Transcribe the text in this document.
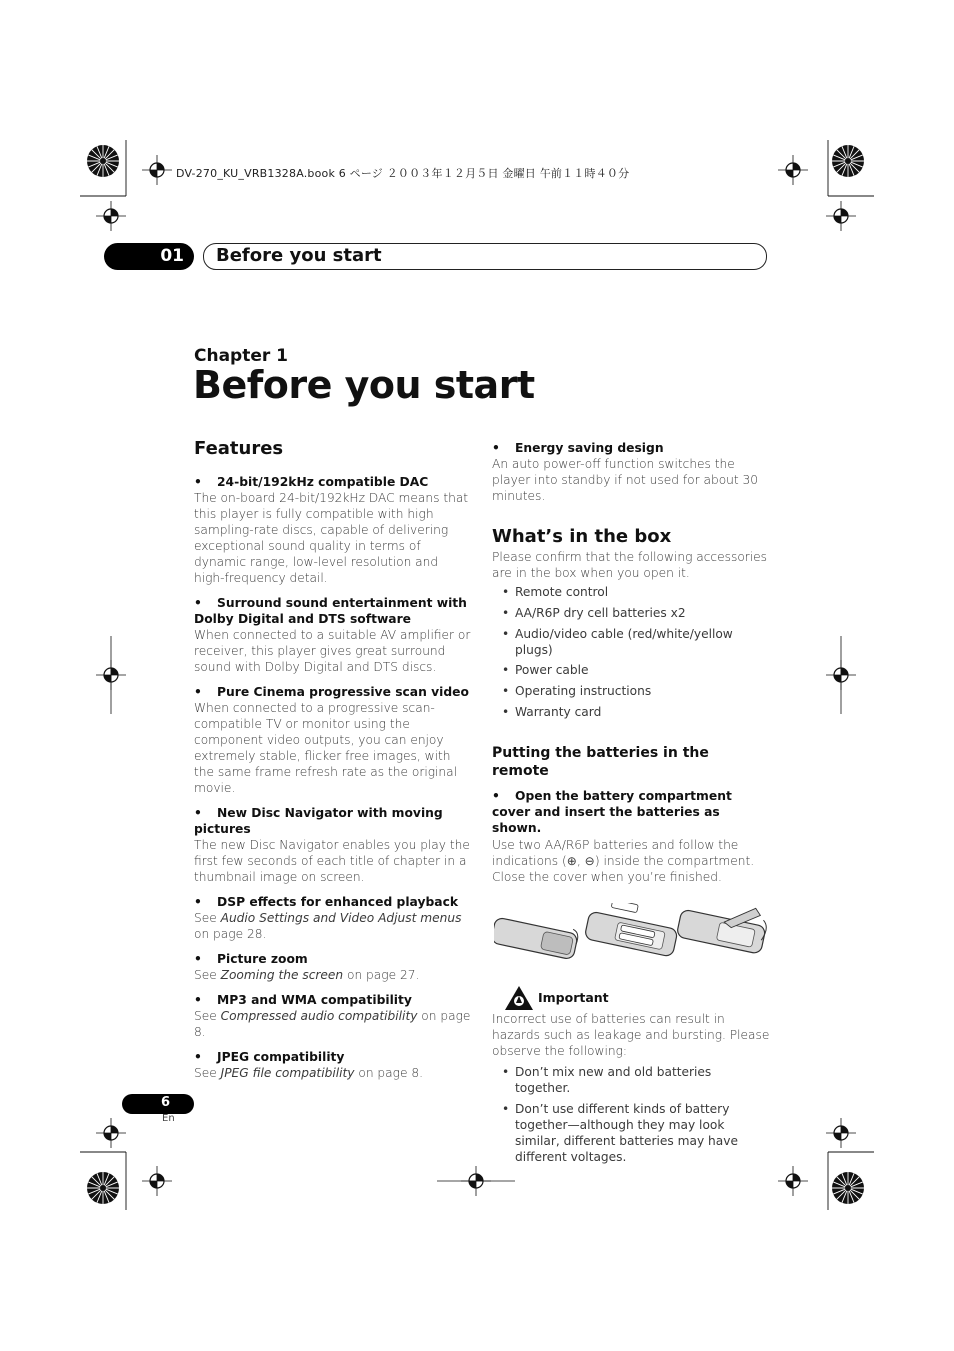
DV-270_KU_VRB1328A.book 6 ページ ２００３年１２月５日 金曜日 午前１１時４０分
01 Before you start
Chapter 1
Before you start
Features
• 24-bit/192kHz compatible DAC
The on-board 24-bit/192kHz DAC means that this player is fully compatible with high sampling-rate discs, capable of delivering exceptional sound quality in terms of dynamic range, low-level resolution and high-frequency detail.
• Surround sound entertainment with Dolby Digital and DTS software
When connected to a suitable AV amplifier or receiver, this player gives great surround sound with Dolby Digital and DTS discs.
• Pure Cinema progressive scan video
When connected to a progressive scan-compatible TV or monitor using the component video outputs, you can enjoy extremely stable, flicker free images, with the same frame refresh rate as the original movie.
• New Disc Navigator with moving pictures
The new Disc Navigator enables you play the first few seconds of each title of chapter in a thumbnail image on screen.
• DSP effects for enhanced playback
See Audio Settings and Video Adjust menus on page 28.
• Picture zoom
See Zooming the screen on page 27.
• MP3 and WMA compatibility
See Compressed audio compatibility on page 8.
• JPEG compatibility
See JPEG file compatibility on page 8.
• Energy saving design
An auto power-off function switches the player into standby if not used for about 30 minutes.
What’s in the box
Please confirm that the following accessories are in the box when you open it.
• Remote control
• AA/R6P dry cell batteries x2
• Audio/video cable (red/white/yellow plugs)
• Power cable
• Operating instructions
• Warranty card
Putting the batteries in the remote
• Open the battery compartment cover and insert the batteries as shown.
Use two AA/R6P batteries and follow the indications (⊕, ⊖) inside the compartment. Close the cover when you’re finished.
Important
Incorrect use of batteries can result in hazards such as leakage and bursting. Please observe the following:
• Don’t mix new and old batteries together.
• Don’t use different kinds of battery together—although they may look similar, different batteries may have different voltages.
6
En
